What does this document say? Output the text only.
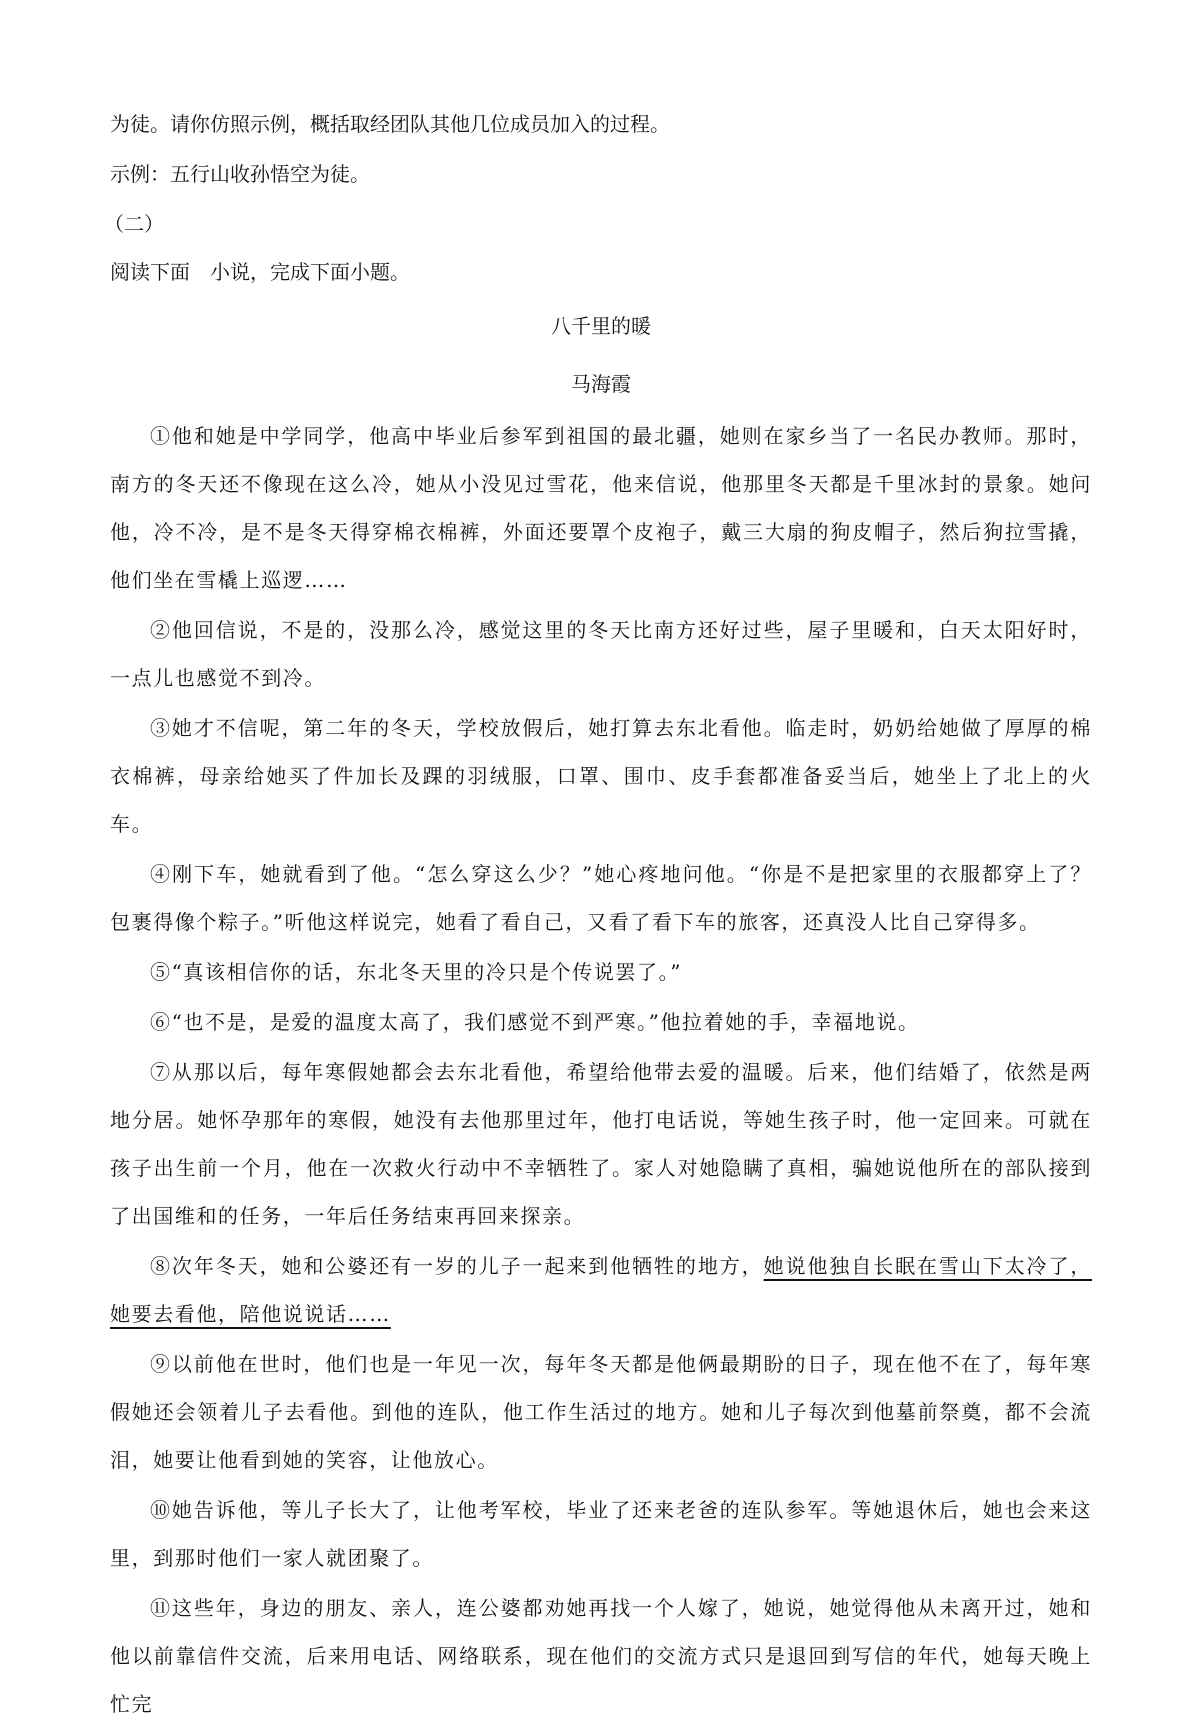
为徒。请你仿照示例，概括取经团队其他几位成员加入的过程。

示例：五行山收孙悟空为徒。

（二）

阅读下面　小说，完成下面小题。

八千里的暖

马海霞

①他和她是中学同学，他高中毕业后参军到祖国的最北疆，她则在家乡当了一名民办教师。那时，南方的冬天还不像现在这么冷，她从小没见过雪花，他来信说，他那里冬天都是千里冰封的景象。她问他，冷不冷，是不是冬天得穿棉衣棉裤，外面还要罩个皮袍子，戴三大扇的狗皮帽子，然后狗拉雪撬，他们坐在雪橇上巡逻……

②他回信说，不是的，没那么冷，感觉这里的冬天比南方还好过些，屋子里暖和，白天太阳好时，一点儿也感觉不到冷。

③她才不信呢，第二年的冬天，学校放假后，她打算去东北看他。临走时，奶奶给她做了厚厚的棉衣棉裤，母亲给她买了件加长及踝的羽绒服，口罩、围巾、皮手套都准备妥当后，她坐上了北上的火车。

④刚下车，她就看到了他。“怎么穿这么少？”她心疼地问他。“你是不是把家里的衣服都穿上了？包裹得像个粽子。”听他这样说完，她看了看自己，又看了看下车的旅客，还真没人比自己穿得多。

⑤“真该相信你的话，东北冬天里的冷只是个传说罢了。”

⑥“也不是，是爱的温度太高了，我们感觉不到严寒。”他拉着她的手，幸福地说。

⑦从那以后，每年寒假她都会去东北看他，希望给他带去爱的温暖。后来，他们结婚了，依然是两地分居。她怀孕那年的寒假，她没有去他那里过年，他打电话说，等她生孩子时，他一定回来。可就在孩子出生前一个月，他在一次救火行动中不幸牺牲了。家人对她隐瞒了真相，骗她说他所在的部队接到了出国维和的任务，一年后任务结束再回来探亲。

⑧次年冬天，她和公婆还有一岁的儿子一起来到他牺牲的地方，她说他独自长眠在雪山下太冷了，她要去看他，陪他说说话……

⑨以前他在世时，他们也是一年见一次，每年冬天都是他俩最期盼的日子，现在他不在了，每年寒假她还会领着儿子去看他。到他的连队，他工作生活过的地方。她和儿子每次到他墓前祭奠，都不会流泪，她要让他看到她的笑容，让他放心。

⑩她告诉他，等儿子长大了，让他考军校，毕业了还来老爸的连队参军。等她退休后，她也会来这里，到那时他们一家人就团聚了。

⑪这些年，身边的朋友、亲人，连公婆都劝她再找一个人嫁了，她说，她觉得他从未离开过，她和他以前靠信件交流，后来用电话、网络联系，现在他们的交流方式只是退回到写信的年代，她每天晚上忙完
